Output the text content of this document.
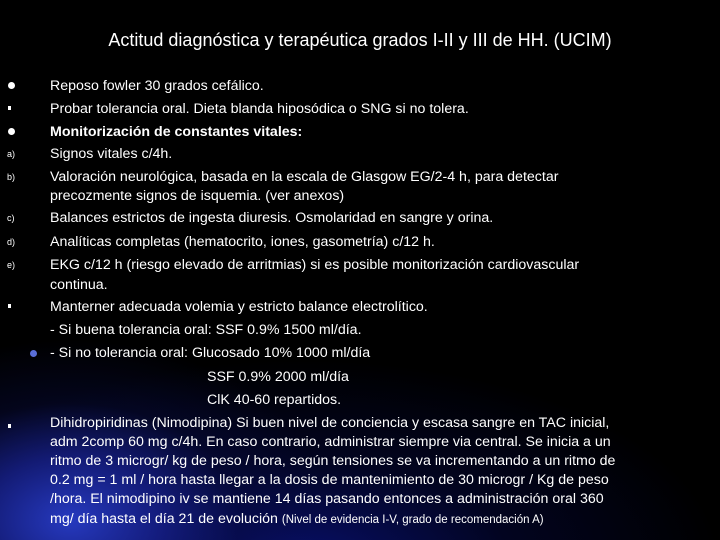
Actitud diagnóstica y terapéutica grados I-II y III de HH. (UCIM)
a)
b)
c)
d)
e)
Reposo fowler 30 grados cefálico.
Probar tolerancia oral. Dieta blanda hiposódica o SNG si no tolera.
Monitorización de constantes vitales:
Signos vitales c/4h.
Valoración neurológica, basada en la escala de Glasgow EG/2-4 h, para detectar
precozmente signos de isquemia. (ver anexos)
Balances estrictos de ingesta diuresis. Osmolaridad en sangre y orina.
Analíticas completas (hematocrito, iones, gasometría) c/12 h.
EKG c/12 h (riesgo elevado de arritmias) si es posible monitorización cardiovascular
continua.
Manterner adecuada volemia y estricto balance electrolítico.
- Si buena tolerancia oral: SSF 0.9% 1500 ml/día.
- Si no tolerancia oral: Glucosado 10% 1000 ml/día
SSF 0.9% 2000 ml/día
ClK 40-60 repartidos.
Dihidropiridinas (Nimodipina) Si buen nivel de conciencia y escasa sangre en TAC inicial,
adm 2comp 60 mg c/4h. En caso contrario, administrar siempre via central. Se inicia a un
ritmo de 3 microgr/ kg de peso / hora, según tensiones se va incrementando a un ritmo de
0.2 mg = 1 ml / hora hasta llegar a la dosis de mantenimiento de 30 microgr / Kg de peso
/hora. El nimodipino iv se mantiene 14 días pasando entonces a administración oral 360
mg/ día hasta el día 21 de evolución (Nivel de evidencia I-V, grado de recomendación A)
